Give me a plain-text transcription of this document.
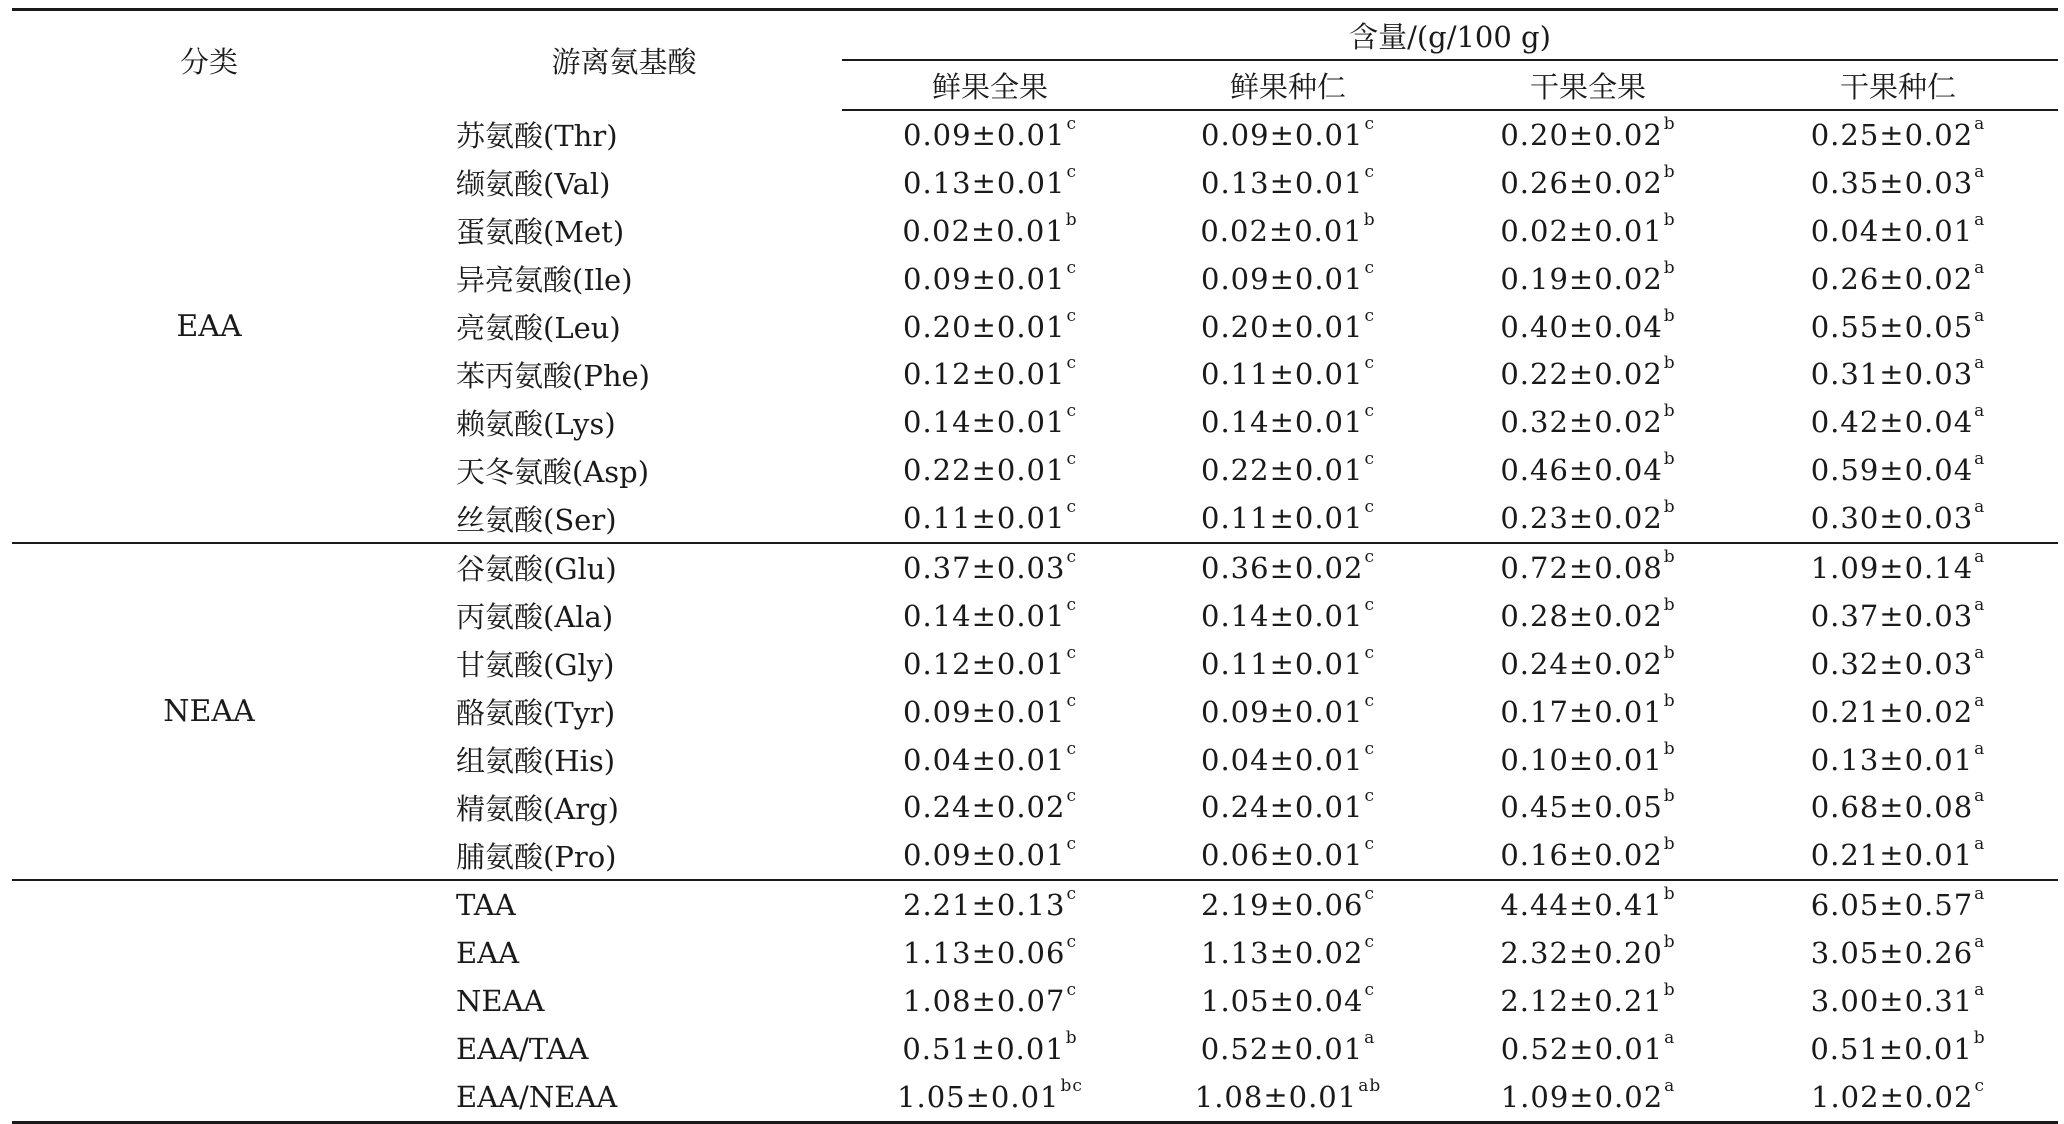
分类	游离氨基酸	含量/(g/100 g)			
		鲜果全果	鲜果种仁	干果全果	干果种仁
EAA	苏氨酸(Thr)	0.09±0.01$^c$	0.09±0.01$^c$	0.20±0.02$^b$	0.25±0.02$^a$
	缬氨酸(Val)	0.13±0.01$^c$	0.13±0.01$^c$	0.26±0.02$^b$	0.35±0.03$^a$
	蛋氨酸(Met)	0.02±0.01$^b$	0.02±0.01$^b$	0.02±0.01$^b$	0.04±0.01$^a$
	异亮氨酸(Ile)	0.09±0.01$^c$	0.09±0.01$^c$	0.19±0.02$^b$	0.26±0.02$^a$
	亮氨酸(Leu)	0.20±0.01$^c$	0.20±0.01$^c$	0.40±0.04$^b$	0.55±0.05$^a$
	苯丙氨酸(Phe)	0.12±0.01$^c$	0.11±0.01$^c$	0.22±0.02$^b$	0.31±0.03$^a$
	赖氨酸(Lys)	0.14±0.01$^c$	0.14±0.01$^c$	0.32±0.02$^b$	0.42±0.04$^a$
	天冬氨酸(Asp)	0.22±0.01$^c$	0.22±0.01$^c$	0.46±0.04$^b$	0.59±0.04$^a$
	丝氨酸(Ser)	0.11±0.01$^c$	0.11±0.01$^c$	0.23±0.02$^b$	0.30±0.03$^a$
NEAA	谷氨酸(Glu)	0.37±0.03$^c$	0.36±0.02$^c$	0.72±0.08$^b$	1.09±0.14$^a$
	丙氨酸(Ala)	0.14±0.01$^c$	0.14±0.01$^c$	0.28±0.02$^b$	0.37±0.03$^a$
	甘氨酸(Gly)	0.12±0.01$^c$	0.11±0.01$^c$	0.24±0.02$^b$	0.32±0.03$^a$
	酪氨酸(Tyr)	0.09±0.01$^c$	0.09±0.01$^c$	0.17±0.01$^b$	0.21±0.02$^a$
	组氨酸(His)	0.04±0.01$^c$	0.04±0.01$^c$	0.10±0.01$^b$	0.13±0.01$^a$
	精氨酸(Arg)	0.24±0.02$^c$	0.24±0.01$^c$	0.45±0.05$^b$	0.68±0.08$^a$
	脯氨酸(Pro)	0.09±0.01$^c$	0.06±0.01$^c$	0.16±0.02$^b$	0.21±0.01$^a$
	TAA	2.21±0.13$^c$	2.19±0.06$^c$	4.44±0.41$^b$	6.05±0.57$^a$
	EAA	1.13±0.06$^c$	1.13±0.02$^c$	2.32±0.20$^b$	3.05±0.26$^a$
	NEAA	1.08±0.07$^c$	1.05±0.04$^c$	2.12±0.21$^b$	3.00±0.31$^a$
	EAA/TAA	0.51±0.01$^b$	0.52±0.01$^a$	0.52±0.01$^a$	0.51±0.01$^b$
	EAA/NEAA	1.05±0.01$^{bc}$	1.08±0.01$^{ab}$	1.09±0.02$^a$	1.02±0.02$^c$
